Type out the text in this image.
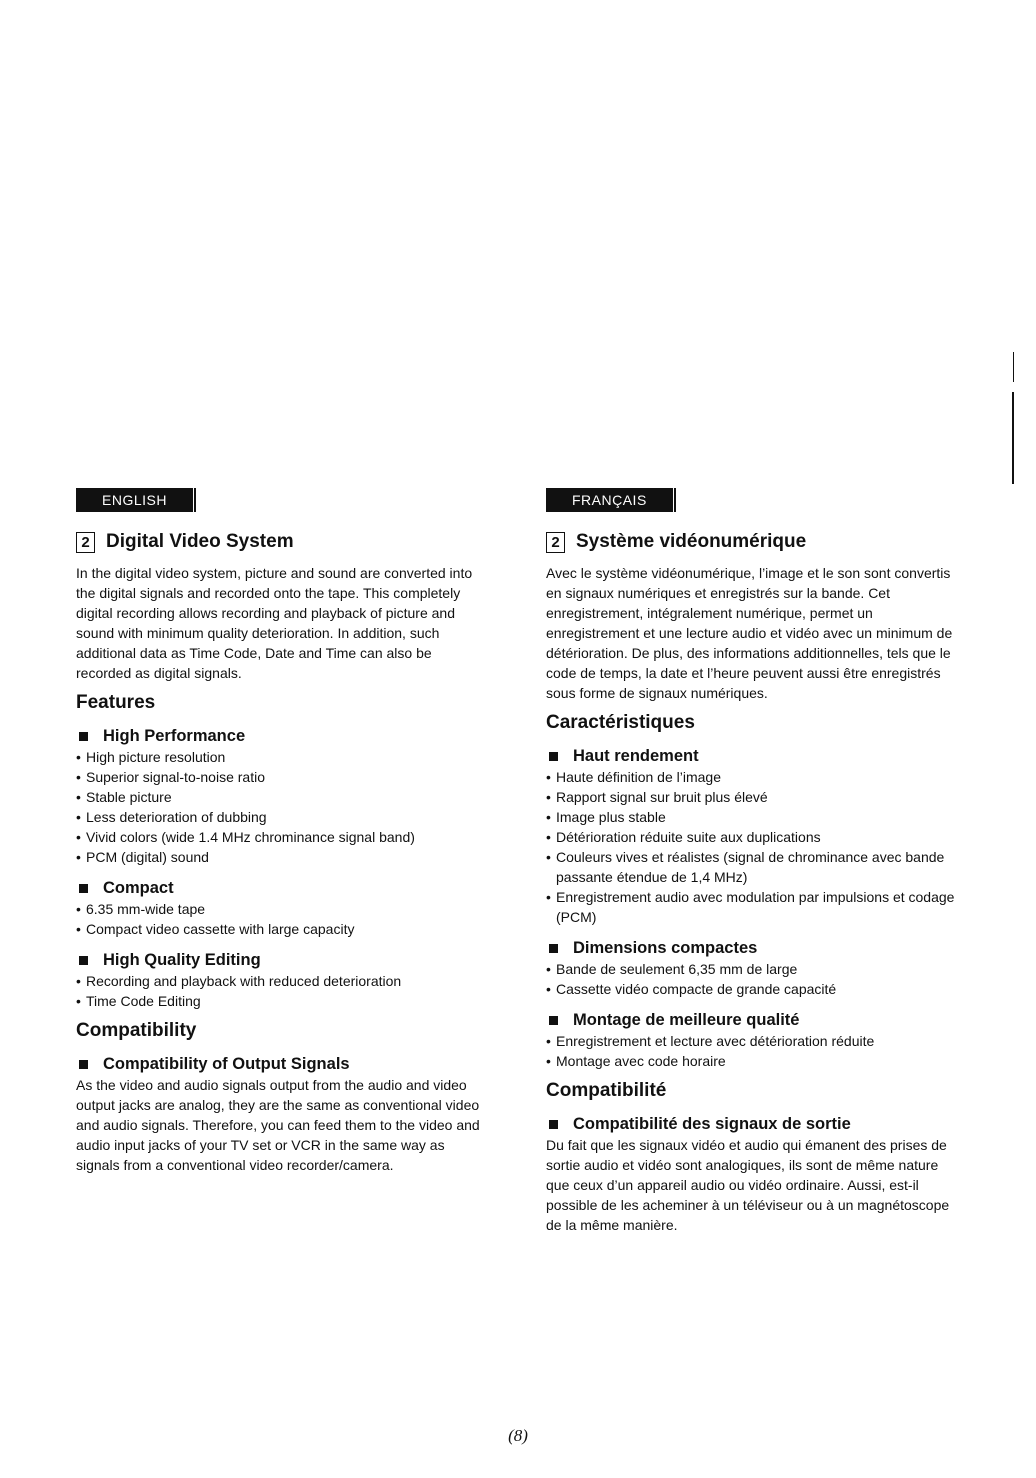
ENGLISH
2 Digital Video System

In the digital video system, picture and sound are converted into the digital signals and recorded onto the tape. This completely digital recording allows recording and playback of picture and sound with minimum quality deterioration. In addition, such additional data as Time Code, Date and Time can also be recorded as digital signals.

Features
High Performance
• High picture resolution
• Superior signal-to-noise ratio
• Stable picture
• Less deterioration of dubbing
• Vivid colors (wide 1.4 MHz chrominance signal band)
• PCM (digital) sound
Compact
• 6.35 mm-wide tape
• Compact video cassette with large capacity
High Quality Editing
• Recording and playback with reduced deterioration
• Time Code Editing
Compatibility
Compatibility of Output Signals

As the video and audio signals output from the audio and video output jacks are analog, they are the same as conventional video and audio signals. Therefore, you can feed them to the video and audio input jacks of your TV set or VCR in the same way as signals from a conventional video recorder/camera.

FRANÇAIS
2 Système vidéonumérique

Avec le système vidéonumérique, l’image et le son sont convertis en signaux numériques et enregistrés sur la bande. Cet enregistrement, intégralement numérique, permet un enregistrement et une lecture audio et vidéo avec un minimum de détérioration. De plus, des informations additionnelles, tels que le code de temps, la date et l’heure peuvent aussi être enregistrés sous forme de signaux numériques.

Caractéristiques
Haut rendement
• Haute définition de l’image
• Rapport signal sur bruit plus élevé
• Image plus stable
• Détérioration réduite suite aux duplications
• Couleurs vives et réalistes (signal de chrominance avec bande passante étendue de 1,4 MHz)
• Enregistrement audio avec modulation par impulsions et codage (PCM)
Dimensions compactes
• Bande de seulement 6,35 mm de large
• Cassette vidéo compacte de grande capacité
Montage de meilleure qualité
• Enregistrement et lecture avec détérioration réduite
• Montage avec code horaire
Compatibilité
Compatibilité des signaux de sortie

Du fait que les signaux vidéo et audio qui émanent des prises de sortie audio et vidéo sont analogiques, ils sont de même nature que ceux d’un appareil audio ou vidéo ordinaire. Aussi, est-il possible de les acheminer à un téléviseur ou à un magnétoscope de la même manière.

(8)
